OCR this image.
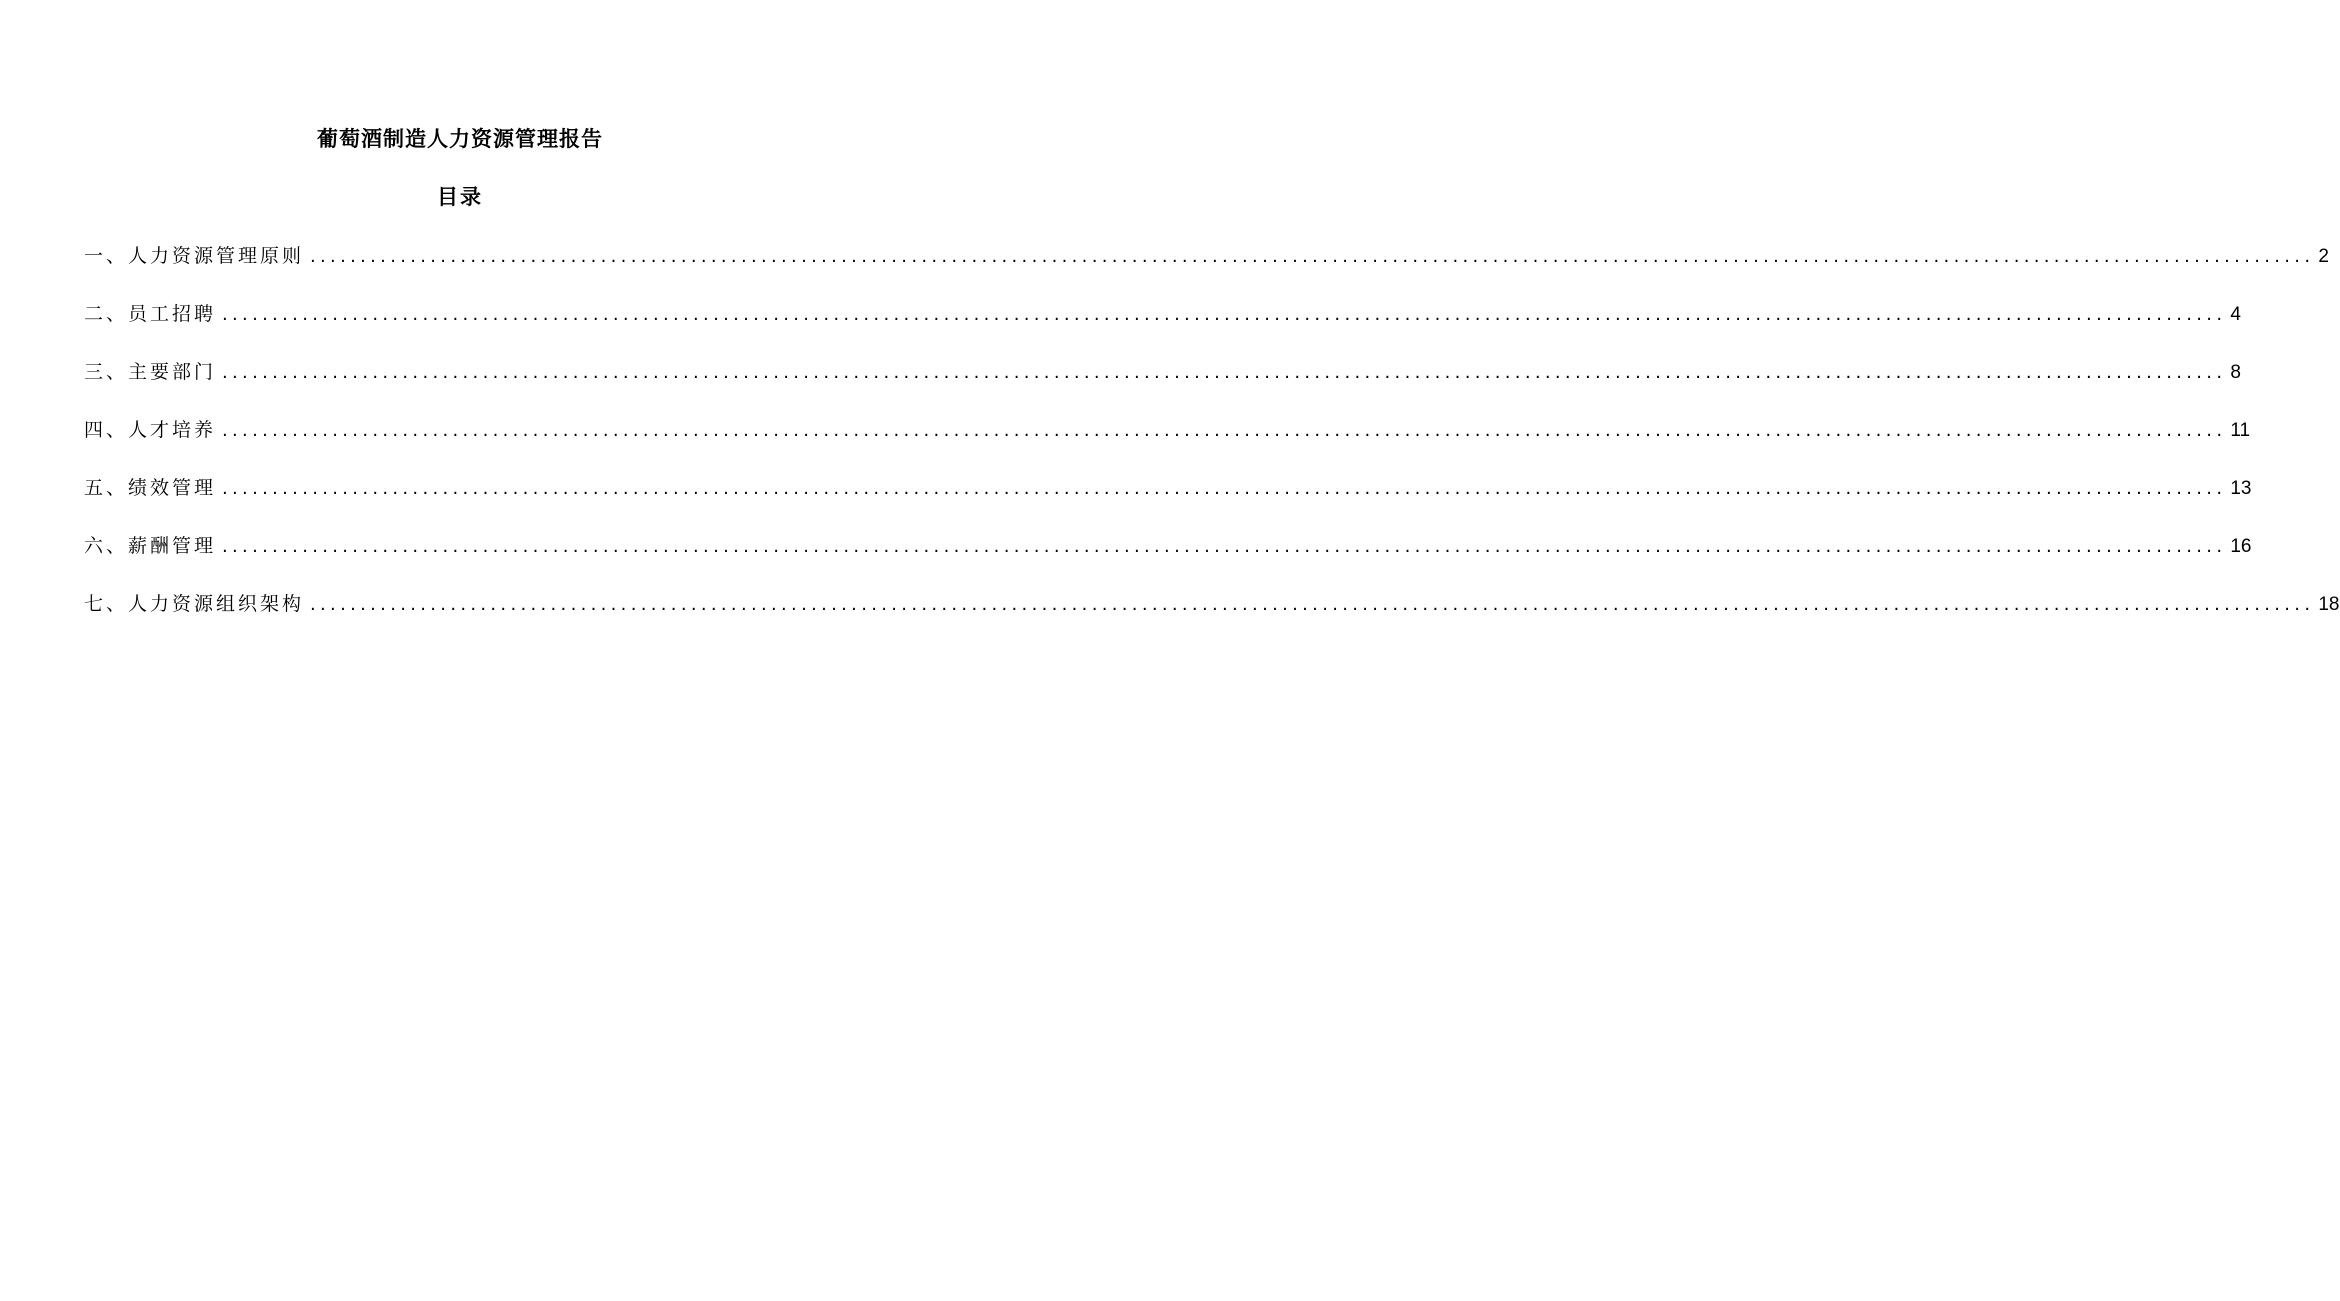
葡萄酒制造人力资源管理报告
目录
一、人力资源管理原则 ........................................................................................................................................................................................................ 2
二、员工招聘 ........................................................................................................................................................................................................ 4
三、主要部门 ........................................................................................................................................................................................................ 8
四、人才培养 ........................................................................................................................................................................................................ 11
五、绩效管理 ........................................................................................................................................................................................................ 13
六、薪酬管理 ........................................................................................................................................................................................................ 16
七、人力资源组织架构 ........................................................................................................................................................................................................ 18
